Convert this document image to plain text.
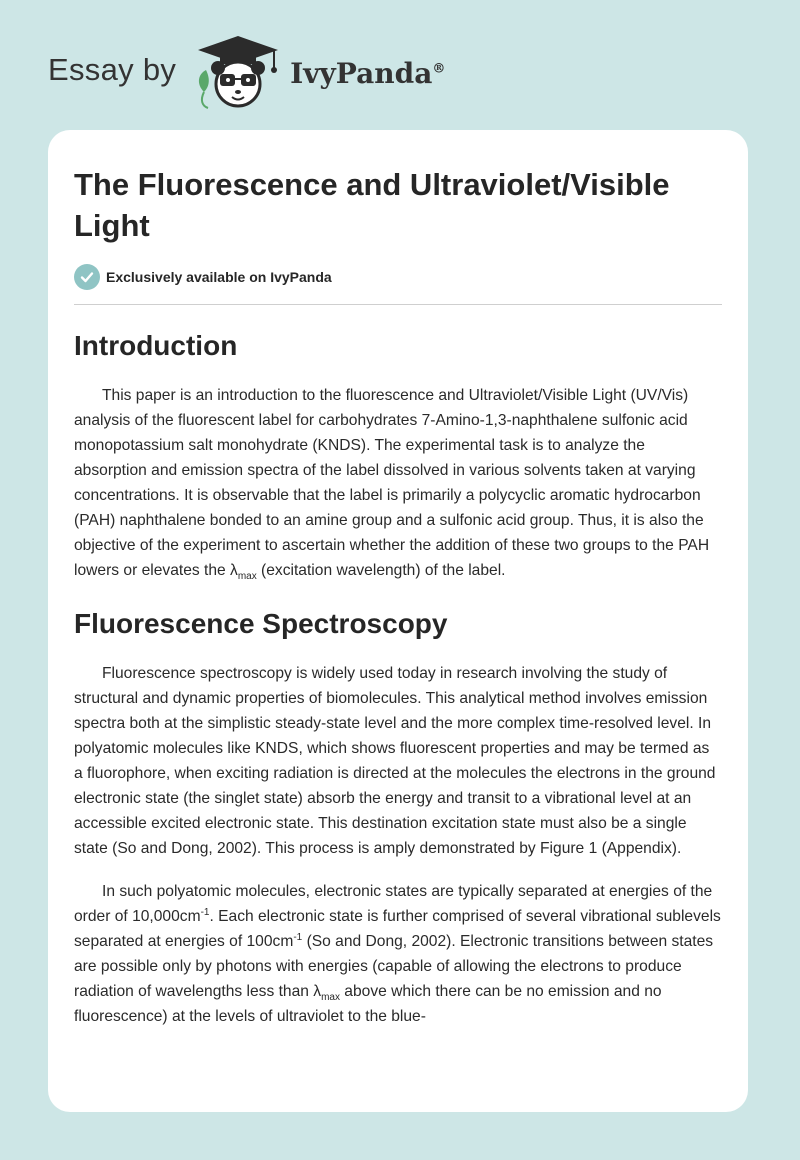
Essay by	IvyPanda®
The Fluorescence and Ultraviolet/Visible Light
Exclusively available on IvyPanda
Introduction

This paper is an introduction to the fluorescence and Ultraviolet/Visible Light (UV/Vis) analysis of the fluorescent label for carbohydrates 7-Amino-1,3-naphthalene sulfonic acid monopotassium salt monohydrate (KNDS). The experimental task is to analyze the absorption and emission spectra of the label dissolved in various solvents taken at varying concentrations. It is observable that the label is primarily a polycyclic aromatic hydrocarbon (PAH) naphthalene bonded to an amine group and a sulfonic acid group. Thus, it is also the objective of the experiment to ascertain whether the addition of these two groups to the PAH lowers or elevates the $\lambda_{max}$ (excitation wavelength) of the label.

Fluorescence Spectroscopy

Fluorescence spectroscopy is widely used today in research involving the study of structural and dynamic properties of biomolecules. This analytical method involves emission spectra both at the simplistic steady-state level and the more complex time-resolved level. In polyatomic molecules like KNDS, which shows fluorescent properties and may be termed as a fluorophore, when exciting radiation is directed at the molecules the electrons in the ground electronic state (the singlet state) absorb the energy and transit to a vibrational level at an accessible excited electronic state. This destination excitation state must also be a single state (So and Dong, 2002). This process is amply demonstrated by Figure 1 (Appendix).

In such polyatomic molecules, electronic states are typically separated at energies of the order of $10,000cm^{-1}$. Each electronic state is further comprised of several vibrational sublevels separated at energies of $100cm^{-1}$ (So and Dong, 2002). Electronic transitions between states are possible only by photons with energies (capable of allowing the electrons to produce radiation of wavelengths less than $\lambda_{max}$ above which there can be no emission and no fluorescence) at the levels of ultraviolet to the blue-
